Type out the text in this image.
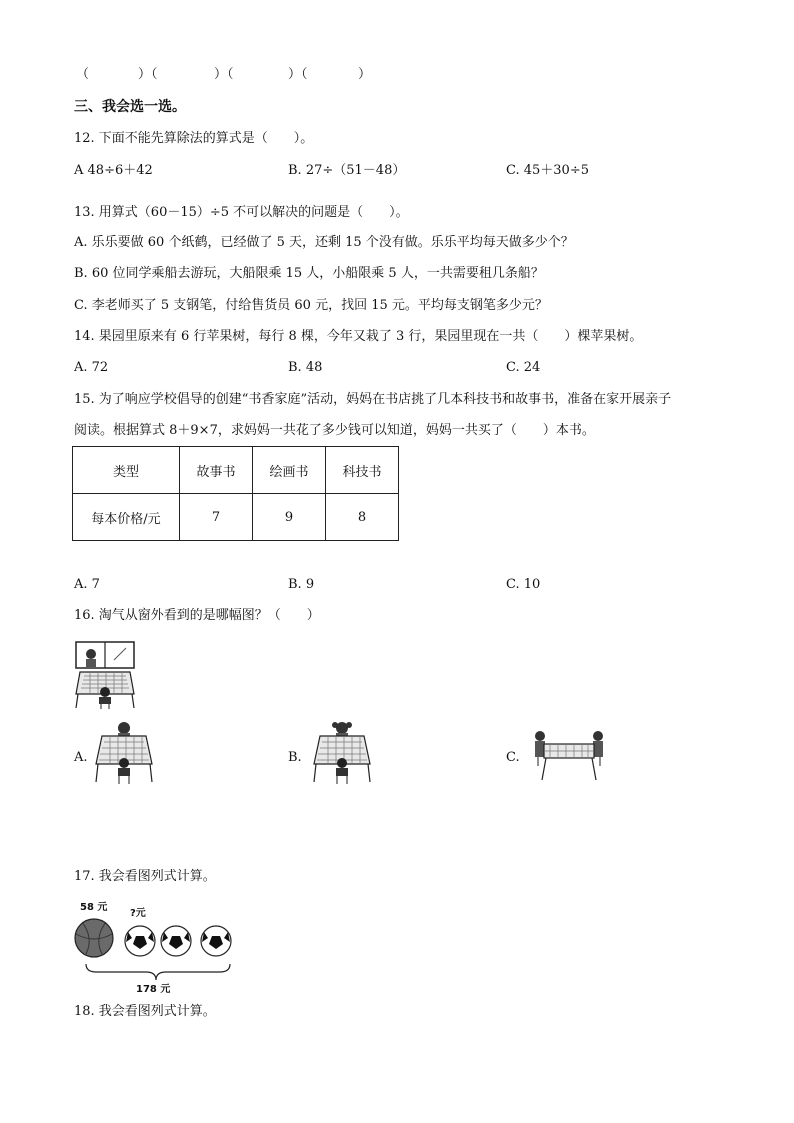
（	）（	）（	）（	）
三、我会选一选。
12. 下面不能先算除法的算式是（　　）。
A 48÷6＋42	B. 27÷（51－48）	C. 45＋30÷5
13. 用算式（60－15）÷5 不可以解决的问题是（　　）。
A. 乐乐要做 60 个纸鹤，已经做了 5 天，还剩 15 个没有做。乐乐平均每天做多少个？
B. 60 位同学乘船去游玩，大船限乘 15 人，小船限乘 5 人，一共需要租几条船？
C. 李老师买了 5 支钢笔，付给售货员 60 元，找回 15 元。平均每支钢笔多少元？
14. 果园里原来有 6 行苹果树，每行 8 棵，今年又栽了 3 行，果园里现在一共（　　）棵苹果树。
A. 72	B. 48	C. 24
15. 为了响应学校倡导的创建“书香家庭”活动，妈妈在书店挑了几本科技书和故事书，准备在家开展亲子
阅读。根据算式 8＋9×7，求妈妈一共花了多少钱可以知道，妈妈一共买了（　　）本书。
类型	故事书	绘画书	科技书
每本价格/元	7	9	8
A. 7	B. 9	C. 10
16. 淘气从窗外看到的是哪幅图？（　　）
A.	B.	C.
17. 我会看图列式计算。
58 元
?元
178 元
18. 我会看图列式计算。
